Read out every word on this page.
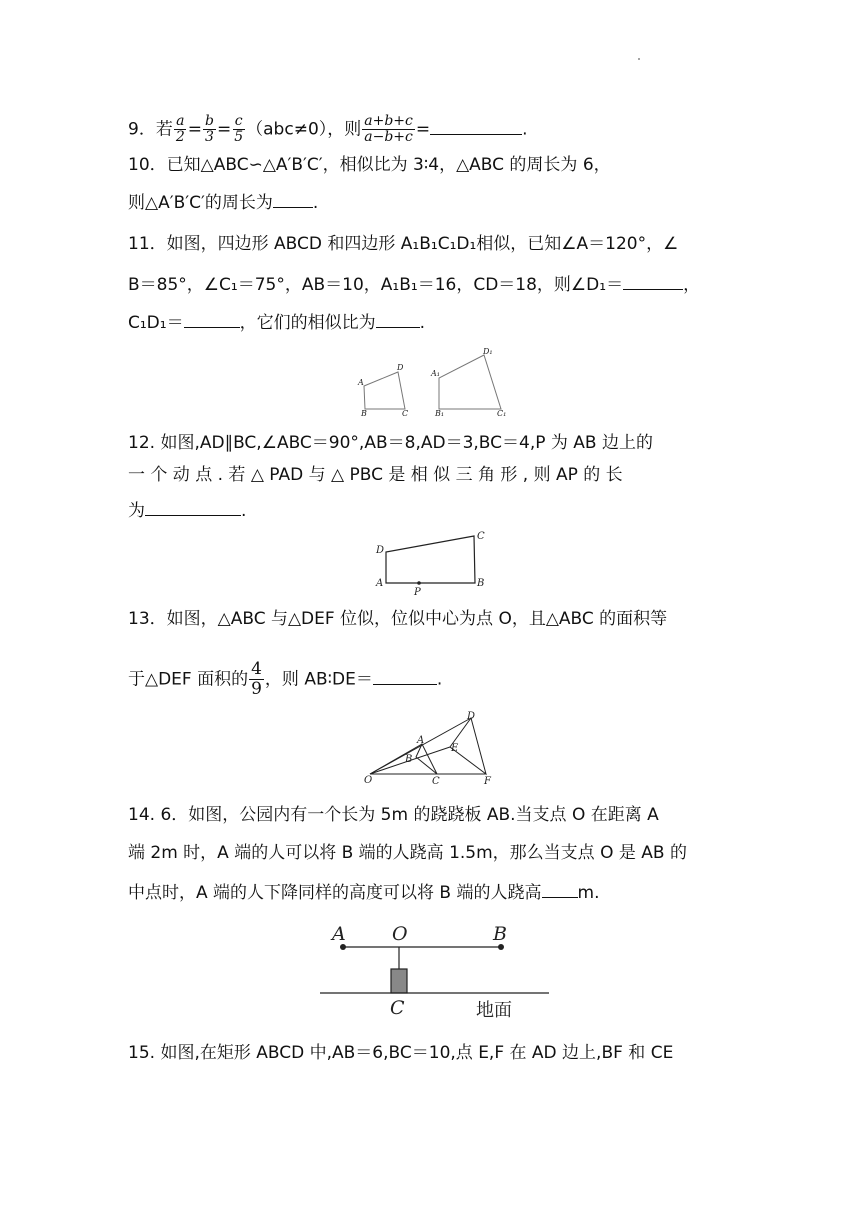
9．若 $\frac{a}{2} = \frac{b}{3} = \frac{c}{5} (abc\ne 0)$，则 $\frac{a+b+c}{a-b+c}$ =	.
10．已知△ABC∽△A′B′C′，相似比为 3∶4，△ABC 的周长为 6，
则△A′B′C′的周长为 .
11．如图，四边形 ABCD 和四边形 A₁B₁C₁D₁相似，已知∠A＝120°，∠
B＝85°，∠C₁＝75°，AB＝10，A₁B₁＝16，CD＝18，则∠D₁＝	，
C₁D₁＝	，它们的相似比为	.
A
B	C
D
A₁
B₁	C₁
D₁
12. 如图,AD∥BC,∠ABC＝90°,AB＝8,AD＝3,BC＝4,P 为 AB 边上的
一 个 动 点 . 若 △ PAD 与 △ PBC 是 相 似 三 角 形 , 则 AP 的 长
为	.
A	B
C
D
P
13．如图，△ABC 与△DEF 位似，位似中心为点 O，且△ABC 的面积等
于△DEF 面积的 $\frac{4}{9}$ ，则 AB∶DE＝	.
O
A
B
C
D
E
F
14. 6．如图，公园内有一个长为 5m 的跷跷板 AB.当支点 O 在距离 A
端 2m 时，A 端的人可以将 B 端的人跷高 1.5m，那么当支点 O 是 AB 的
中点时，A 端的人下降同样的高度可以将 B 端的人跷高 m.
A O	B
C	地面
15. 如图,在矩形 ABCD 中,AB＝6,BC＝10,点 E,F 在 AD 边上,BF 和 CE
